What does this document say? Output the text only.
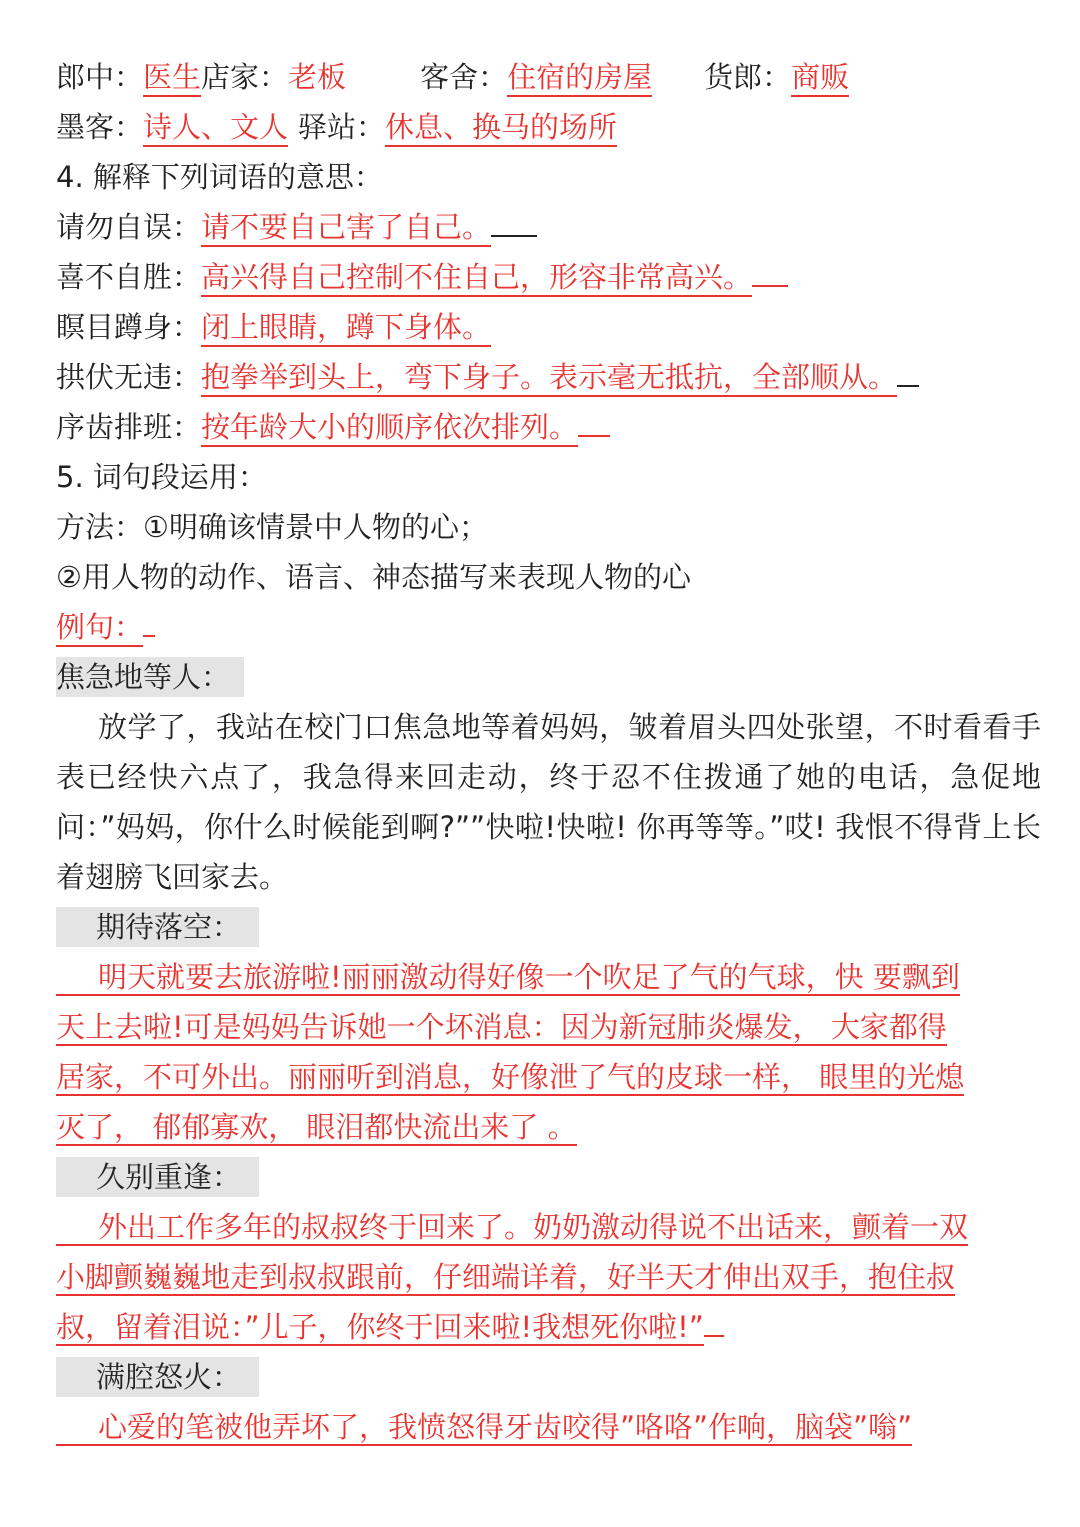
郎中：医生店家：老板	客舍：住宿的房屋 货郎：商贩
墨客：诗人、文人 驿站：休息、换马的场所
4. 解释下列词语的意思：
请勿自误：请不要自己害了自己。
喜不自胜：高兴得自己控制不住自己，形容非常高兴。
瞑目蹲身：闭上眼睛，蹲下身体。
拱伏无违：抱拳举到头上，弯下身子。表示毫无抵抗，全部顺从。
序齿排班：按年龄大小的顺序依次排列。
5. 词句段运用：
方法：①明确该情景中人物的心；
②用人物的动作、语言、神态描写来表现人物的心
例句：
焦急地等人：
放学了，我站在校门口焦急地等着妈妈，皱着眉头四处张望，不时看看手表已经快六点了，我急得来回走动，终于忍不住拨通了她的电话，急促地问：”妈妈，你什么时候能到啊?””快啦!快啦! 你再等等。”哎! 我恨不得背上长着翅膀飞回家去。
期待落空：
明天就要去旅游啦!丽丽激动得好像一个吹足了气的气球，快 要飘到
天上去啦!可是妈妈告诉她一个坏消息：因为新冠肺炎爆发， 大家都得
居家，不可外出。丽丽听到消息，好像泄了气的皮球一样， 眼里的光熄
灭了， 郁郁寡欢， 眼泪都快流出来了 。
久别重逢：
外出工作多年的叔叔终于回来了。奶奶激动得说不出话来，颤着一双
小脚颤巍巍地走到叔叔跟前，仔细端详着，好半天才伸出双手，抱住叔
叔，留着泪说：”儿子，你终于回来啦!我想死你啦!”
满腔怒火：
心爱的笔被他弄坏了，我愤怒得牙齿咬得”咯咯”作响，脑袋”嗡”
